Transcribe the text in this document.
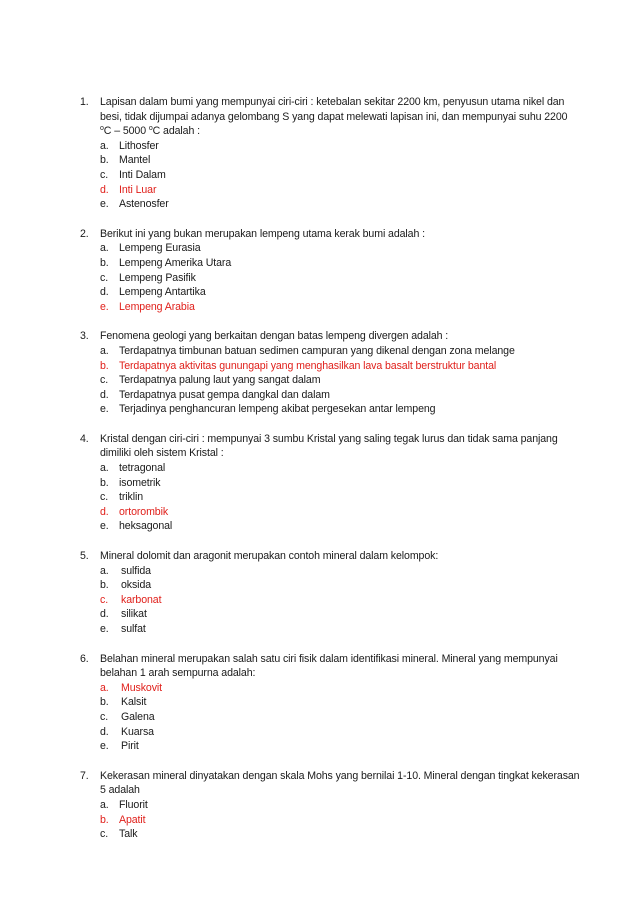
1.	Lapisan dalam bumi yang mempunyai ciri-ciri : ketebalan sekitar 2200 km, penyusun utama nikel dan besi, tidak dijumpai adanya gelombang S yang dapat melewati lapisan ini, dan mempunyai suhu 2200 $^o$C – 5000 $^o$C adalah :
a. Lithosfer
b. Mantel
c. Inti Dalam
d. Inti Luar
e. Astenosfer
2.	Berikut ini yang bukan merupakan lempeng utama kerak bumi adalah :
a. Lempeng Eurasia
b. Lempeng Amerika Utara
c. Lempeng Pasifik
d. Lempeng Antartika
e. Lempeng Arabia
3.	Fenomena geologi yang berkaitan dengan batas lempeng divergen adalah :
a. Terdapatnya timbunan batuan sedimen campuran yang dikenal dengan zona melange
b. Terdapatnya aktivitas gunungapi yang menghasilkan lava basalt berstruktur bantal
c. Terdapatnya palung laut yang sangat dalam
d. Terdapatnya pusat gempa dangkal dan dalam
e. Terjadinya penghancuran lempeng akibat pergesekan antar lempeng
4.	Kristal dengan ciri-ciri : mempunyai 3 sumbu Kristal yang saling tegak lurus dan tidak sama panjang dimiliki oleh sistem Kristal :
a. tetragonal
b. isometrik
c. triklin
d. ortorombik
e. heksagonal
5.	Mineral dolomit dan aragonit merupakan contoh mineral dalam kelompok:
a. sulfida
b. oksida
c. karbonat
d. silikat
e. sulfat
6.	Belahan mineral merupakan salah satu ciri fisik dalam identifikasi mineral. Mineral yang mempunyai belahan 1 arah sempurna adalah:
a. Muskovit
b. Kalsit
c. Galena
d. Kuarsa
e. Pirit
7.	Kekerasan mineral dinyatakan dengan skala Mohs yang bernilai 1-10. Mineral dengan tingkat kekerasan 5 adalah
a. Fluorit
b. Apatit
c. Talk
